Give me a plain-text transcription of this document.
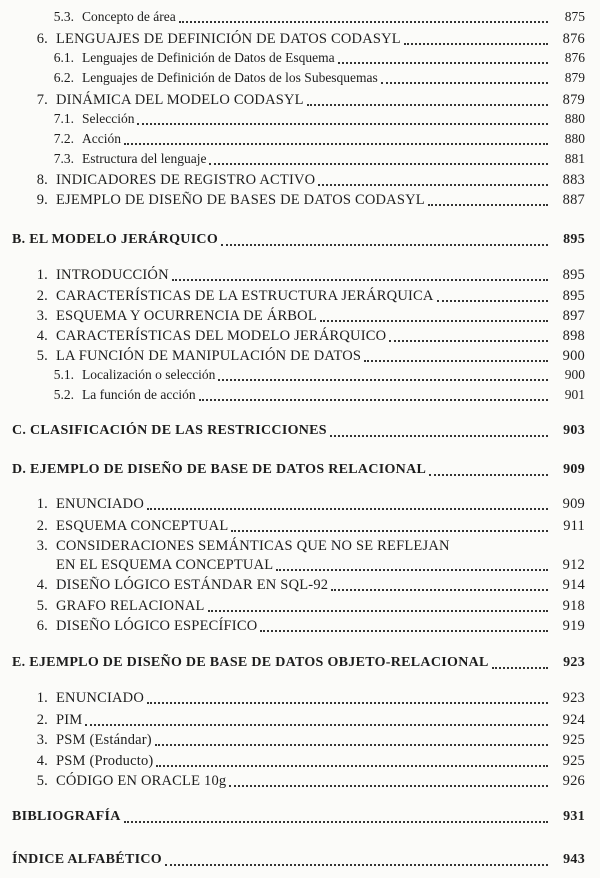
5.3. Concepto de área	875
6. LENGUAJES DE DEFINICIÓN DE DATOS CODASYL	876
6.1. Lenguajes de Definición de Datos de Esquema	876
6.2. Lenguajes de Definición de Datos de los Subesquemas	879
7. DINÁMICA DEL MODELO CODASYL	879
7.1. Selección	880
7.2. Acción	880
7.3. Estructura del lenguaje	881
8. INDICADORES DE REGISTRO ACTIVO	883
9. EJEMPLO DE DISEÑO DE BASES DE DATOS CODASYL	887
B. EL MODELO JERÁRQUICO	895
1. INTRODUCCIÓN	895
2. CARACTERÍSTICAS DE LA ESTRUCTURA JERÁRQUICA	895
3. ESQUEMA Y OCURRENCIA DE ÁRBOL	897
4. CARACTERÍSTICAS DEL MODELO JERÁRQUICO	898
5. LA FUNCIÓN DE MANIPULACIÓN DE DATOS	900
5.1. Localización o selección	900
5.2. La función de acción	901
C. CLASIFICACIÓN DE LAS RESTRICCIONES	903
D. EJEMPLO DE DISEÑO DE BASE DE DATOS RELACIONAL	909
1. ENUNCIADO	909
2. ESQUEMA CONCEPTUAL	911
3. CONSIDERACIONES SEMÁNTICAS QUE NO SE REFLEJAN
EN EL ESQUEMA CONCEPTUAL	912
4. DISEÑO LÓGICO ESTÁNDAR EN SQL-92	914
5. GRAFO RELACIONAL	918
6. DISEÑO LÓGICO ESPECÍFICO	919
E. EJEMPLO DE DISEÑO DE BASE DE DATOS OBJETO-RELACIONAL	923
1. ENUNCIADO	923
2. PIM	924
3. PSM (Estándar)	925
4. PSM (Producto)	925
5. CÓDIGO EN ORACLE 10g	926
BIBLIOGRAFÍA	931
ÍNDICE ALFABÉTICO	943
